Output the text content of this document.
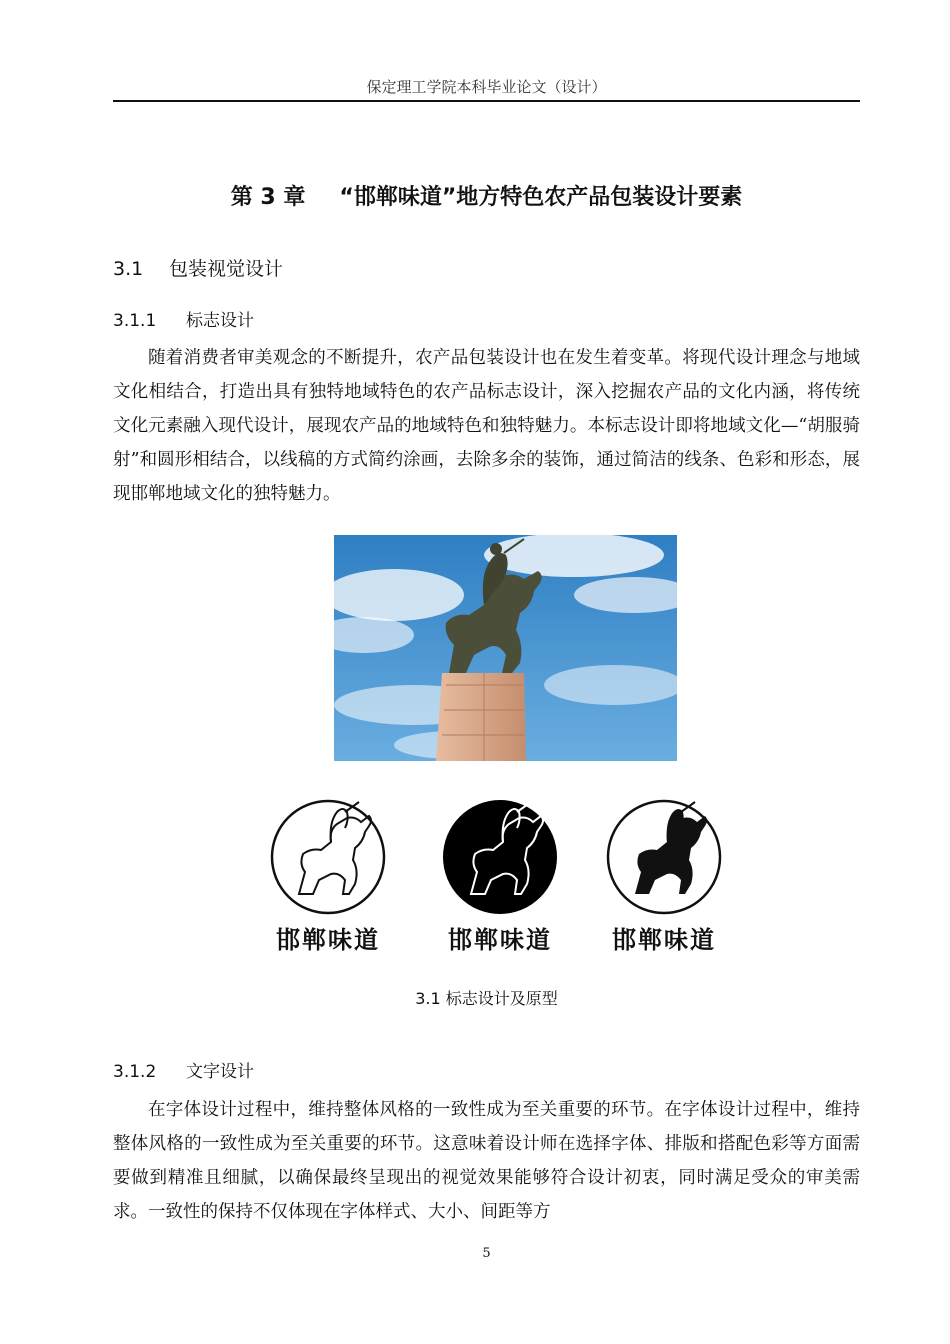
保定理工学院本科毕业论文（设计）
第 3 章 “邯郸味道”地方特色农产品包装设计要素
3.1 包装视觉设计
3.1.1 标志设计

随着消费者审美观念的不断提升，农产品包装设计也在发生着变革。将现代设计理念与地域文化相结合，打造出具有独特地域特色的农产品标志设计，深入挖掘农产品的文化内涵，将传统文化元素融入现代设计，展现农产品的地域特色和独特魅力。本标志设计即将地域文化—“胡服骑射”和圆形相结合，以线稿的方式简约涂画，去除多余的装饰，通过简洁的线条、色彩和形态，展现邯郸地域文化的独特魅力。

邯郸味道	邯郸味道	邯郸味道
3.1 标志设计及原型
3.1.2 文字设计

在字体设计过程中，维持整体风格的一致性成为至关重要的环节。在字体设计过程中，维持整体风格的一致性成为至关重要的环节。这意味着设计师在选择字体、排版和搭配色彩等方面需要做到精准且细腻，以确保最终呈现出的视觉效果能够符合设计初衷，同时满足受众的审美需求。一致性的保持不仅体现在字体样式、大小、间距等方

5
